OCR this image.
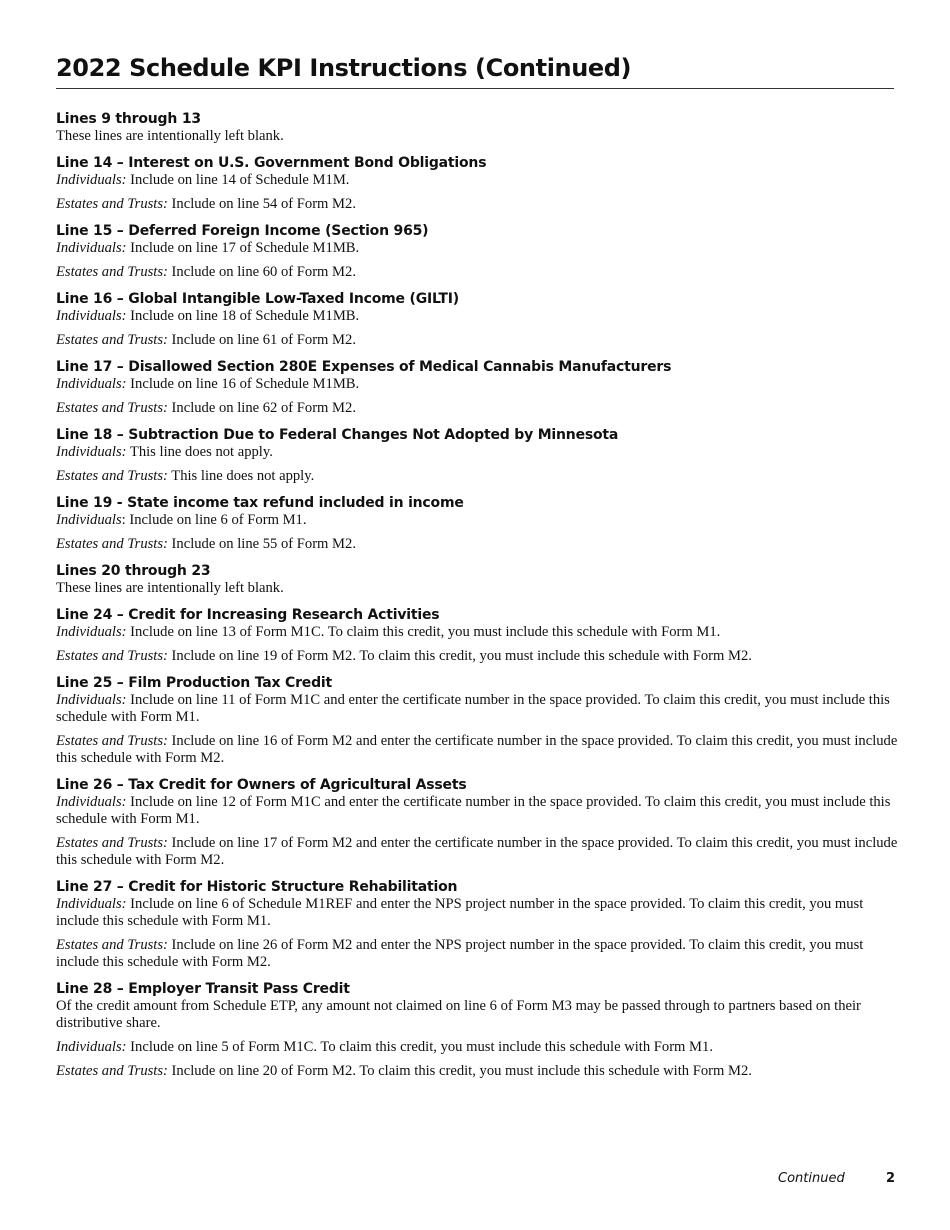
2022 Schedule KPI Instructions (Continued)
Lines 9 through 13

These lines are intentionally left blank.

Line 14 – Interest on U.S. Government Bond Obligations

Individuals: Include on line 14 of Schedule M1M.

Estates and Trusts: Include on line 54 of Form M2.

Line 15 – Deferred Foreign Income (Section 965)

Individuals: Include on line 17 of Schedule M1MB.

Estates and Trusts: Include on line 60 of Form M2.

Line 16 – Global Intangible Low-Taxed Income (GILTI)

Individuals: Include on line 18 of Schedule M1MB.

Estates and Trusts: Include on line 61 of Form M2.

Line 17 – Disallowed Section 280E Expenses of Medical Cannabis Manufacturers

Individuals: Include on line 16 of Schedule M1MB.

Estates and Trusts: Include on line 62 of Form M2.

Line 18 – Subtraction Due to Federal Changes Not Adopted by Minnesota

Individuals: This line does not apply.

Estates and Trusts: This line does not apply.

Line 19 - State income tax refund included in income

Individuals: Include on line 6 of Form M1.

Estates and Trusts: Include on line 55 of Form M2.

Lines 20 through 23

These lines are intentionally left blank.

Line 24 – Credit for Increasing Research Activities

Individuals: Include on line 13 of Form M1C. To claim this credit, you must include this schedule with Form M1.

Estates and Trusts: Include on line 19 of Form M2. To claim this credit, you must include this schedule with Form M2.

Line 25 – Film Production Tax Credit

Individuals: Include on line 11 of Form M1C and enter the certificate number in the space provided. To claim this credit, you must include this schedule with Form M1.

Estates and Trusts: Include on line 16 of Form M2 and enter the certificate number in the space provided. To claim this credit, you must include this schedule with Form M2.

Line 26 – Tax Credit for Owners of Agricultural Assets

Individuals: Include on line 12 of Form M1C and enter the certificate number in the space provided. To claim this credit, you must include this schedule with Form M1.

Estates and Trusts: Include on line 17 of Form M2 and enter the certificate number in the space provided. To claim this credit, you must include this schedule with Form M2.

Line 27 – Credit for Historic Structure Rehabilitation

Individuals: Include on line 6 of Schedule M1REF and enter the NPS project number in the space provided. To claim this credit, you must include this schedule with Form M1.

Estates and Trusts: Include on line 26 of Form M2 and enter the NPS project number in the space provided. To claim this credit, you must include this schedule with Form M2.

Line 28 – Employer Transit Pass Credit

Of the credit amount from Schedule ETP, any amount not claimed on line 6 of Form M3 may be passed through to partners based on their distributive share.

Individuals: Include on line 5 of Form M1C. To claim this credit, you must include this schedule with Form M1.

Estates and Trusts: Include on line 20 of Form M2. To claim this credit, you must include this schedule with Form M2.

Continued	2
